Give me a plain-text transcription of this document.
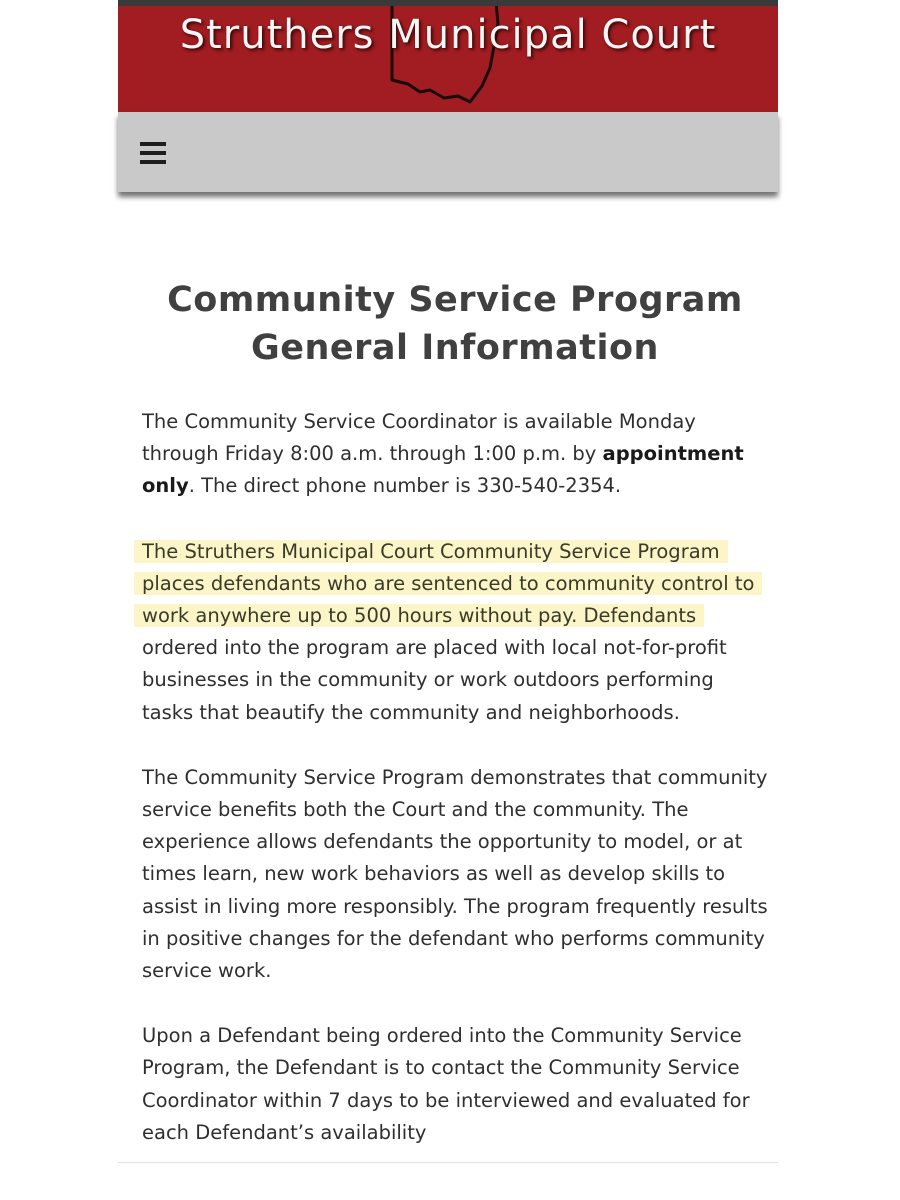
Struthers Municipal Court
Community Service Program
General Information

The Community Service Coordinator is available Monday through Friday 8:00 a.m. through 1:00 p.m. by appointment only. The direct phone number is 330-540-2354.

The Struthers Municipal Court Community Service Program places defendants who are sentenced to community control to work anywhere up to 500 hours without pay. Defendants ordered into the program are placed with local not-for-profit businesses in the community or work outdoors performing tasks that beautify the community and neighborhoods.

The Community Service Program demonstrates that community service benefits both the Court and the community. The experience allows defendants the opportunity to model, or at times learn, new work behaviors as well as develop skills to assist in living more responsibly. The program frequently results in positive changes for the defendant who performs community service work.

Upon a Defendant being ordered into the Community Service Program, the Defendant is to contact the Community Service Coordinator within 7 days to be interviewed and evaluated for each Defendant’s availability
